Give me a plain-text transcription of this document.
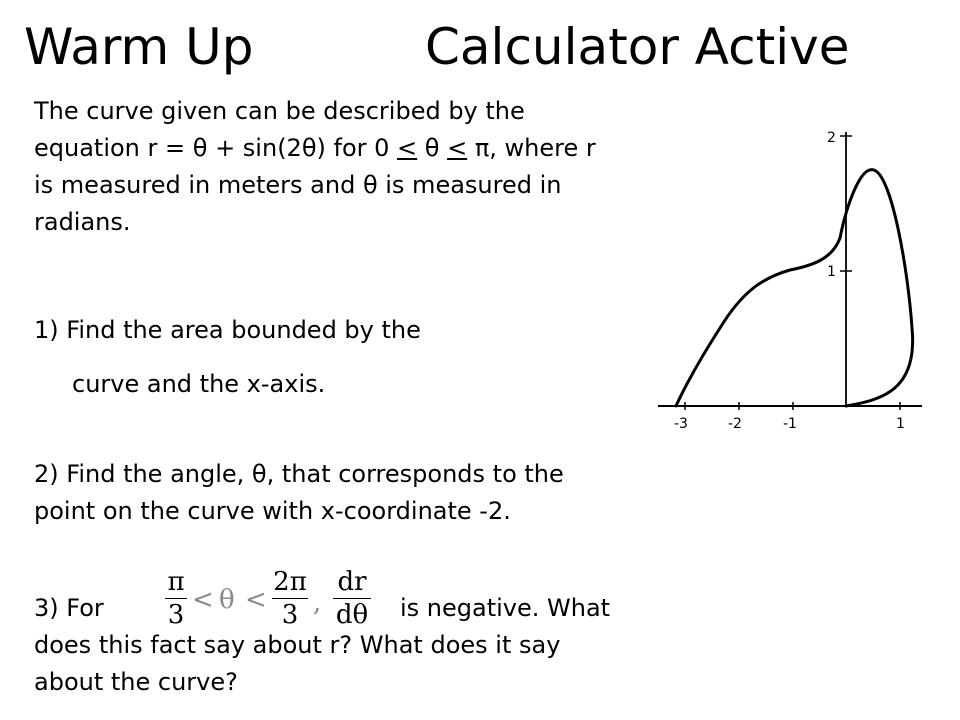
Warm Up	Calculator Active
The curve given can be described by the
equation r = θ + sin(2θ) for 0 ≤ θ ≤ π, where r
is measured in meters and θ is measured in
radians.
1) Find the area bounded by the
curve and the x-axis.
2) Find the angle, θ, that corresponds to the
point on the curve with x-coordinate -2.
3) For
π
3 < θ <
2π
3 ,
dr
dθ is negative. What
does this fact say about r? What does it say
about the curve?
-3	-2	-1	1
2
1
